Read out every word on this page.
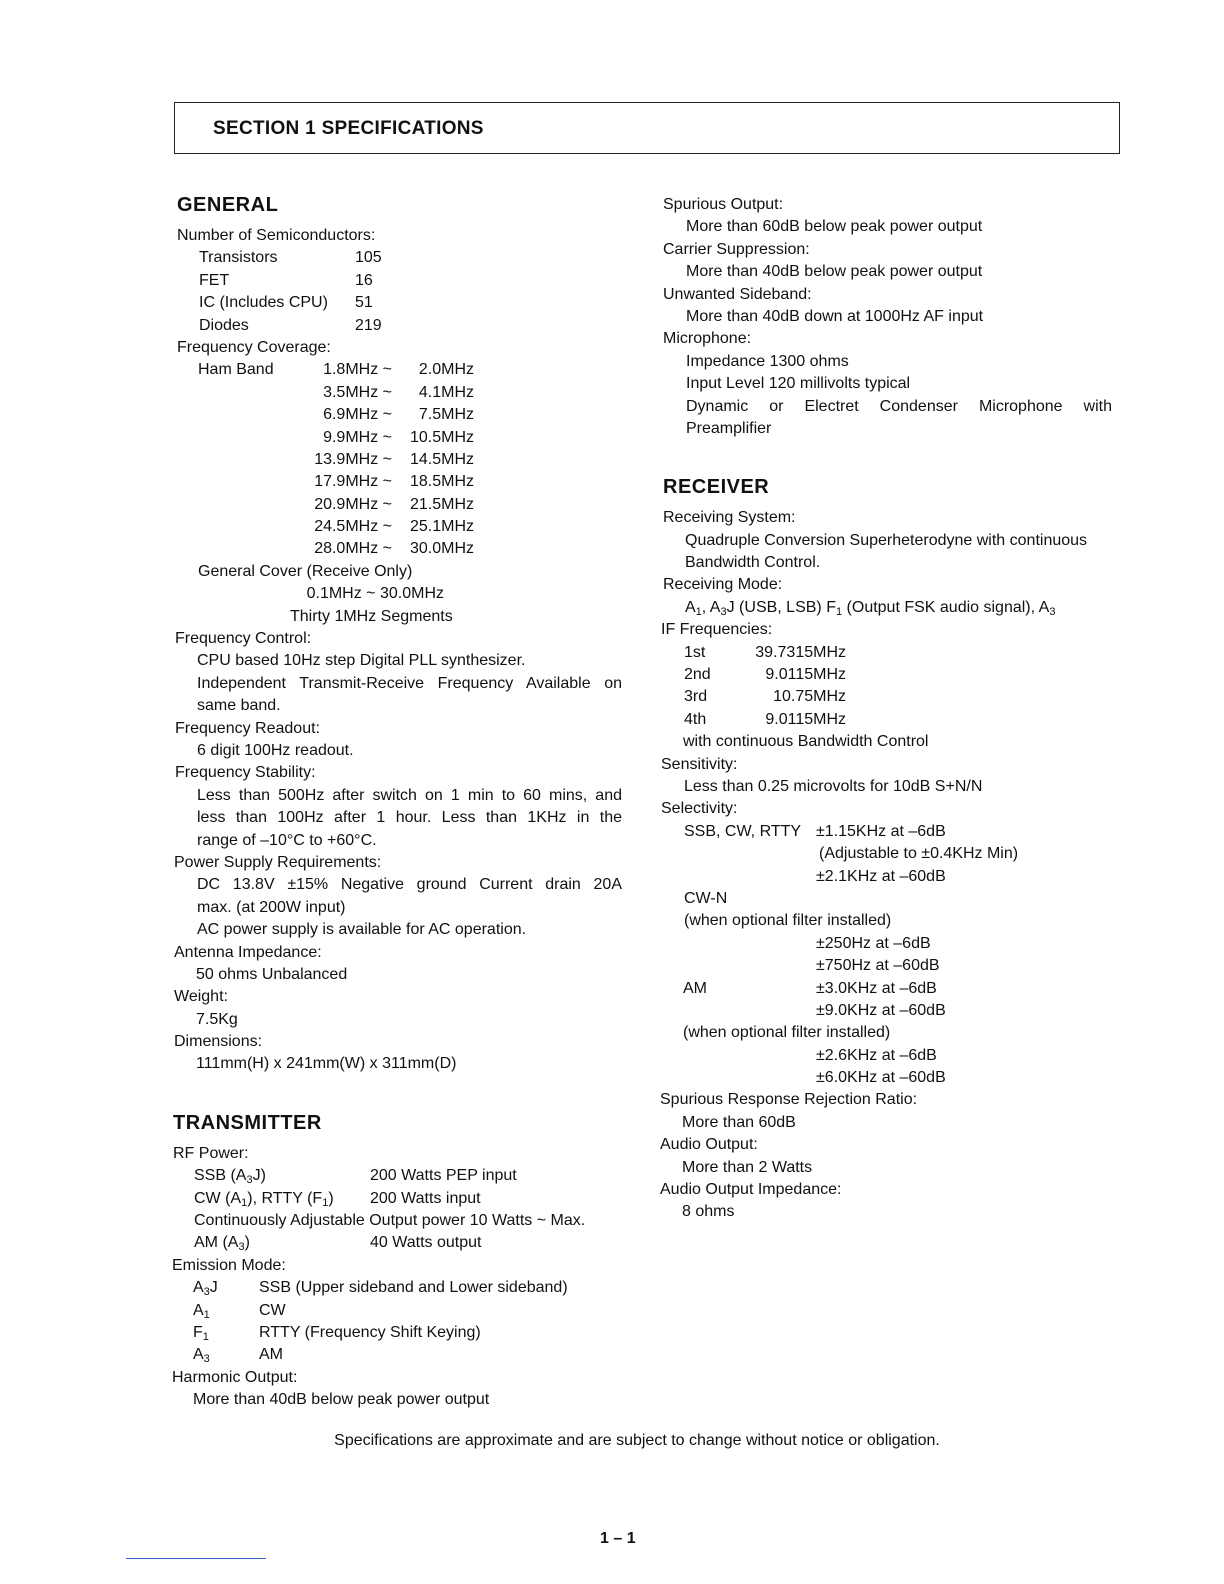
SECTION 1 SPECIFICATIONS
GENERAL
Number of Semiconductors:
Transistors	105
FET	16
IC (Includes CPU) 51
Diodes	219
Frequency Coverage:
Ham Band	1.8MHz ~ 2.0MHz
3.5MHz ~ 4.1MHz
6.9MHz ~ 7.5MHz
9.9MHz ~ 10.5MHz
13.9MHz ~ 14.5MHz
17.9MHz ~ 18.5MHz
20.9MHz ~ 21.5MHz
24.5MHz ~ 25.1MHz
28.0MHz ~ 30.0MHz
General Cover (Receive Only)
0.1MHz ~ 30.0MHz
Thirty 1MHz Segments
Frequency Control:
CPU based 10Hz step Digital PLL synthesizer.
Independent Transmit-Receive Frequency Available on
same band.
Frequency Readout:
6 digit 100Hz readout.
Frequency Stability:
Less than 500Hz after switch on 1 min to 60 mins, and
less than 100Hz after 1 hour. Less than 1KHz in the
range of –10°C to +60°C.
Power Supply Requirements:
DC 13.8V ±15% Negative ground Current drain 20A
max. (at 200W input)
AC power supply is available for AC operation.
Antenna Impedance:
50 ohms Unbalanced
Weight:
7.5Kg
Dimensions:
111mm(H) x 241mm(W) x 311mm(D)
TRANSMITTER
RF Power:
SSB $(A_3J)$	200 Watts PEP input
CW $(A_1)$, RTTY $(F_1)$ 200 Watts input
Continuously Adjustable Output power 10 Watts ~ Max.
AM $(A_3)$	40 Watts output
Emission Mode:
$A_3J$	SSB (Upper sideband and Lower sideband)
$A_1$	CW
$F_1$	RTTY (Frequency Shift Keying)
$A_3$	AM
Harmonic Output:
More than 40dB below peak power output
Spurious Output:
More than 60dB below peak power output
Carrier Suppression:
More than 40dB below peak power output
Unwanted Sideband:
More than 40dB down at 1000Hz AF input
Microphone:
Impedance 1300 ohms
Input Level 120 millivolts typical
Dynamic or Electret Condenser Microphone with
Preamplifier
RECEIVER
Receiving System:
Quadruple Conversion Superheterodyne with continuous
Bandwidth Control.
Receiving Mode:
$A_1$, $A_3J$ (USB, LSB) $F_1$ (Output FSK audio signal), $A_3$
IF Frequencies:
1st	39.7315MHz
2nd	9.0115MHz
3rd	10.75MHz
4th	9.0115MHz
with continuous Bandwidth Control
Sensitivity:
Less than 0.25 microvolts for 10dB S+N/N
Selectivity:
SSB, CW, RTTY ±1.15KHz at –6dB
(Adjustable to ±0.4KHz Min)
±2.1KHz at –60dB
CW-N
(when optional filter installed)
±250Hz at –6dB
±750Hz at –60dB
AM	±3.0KHz at –6dB
±9.0KHz at –60dB
(when optional filter installed)
±2.6KHz at –6dB
±6.0KHz at –60dB
Spurious Response Rejection Ratio:
More than 60dB
Audio Output:
More than 2 Watts
Audio Output Impedance:
8 ohms
Specifications are approximate and are subject to change without notice or obligation.
1 – 1
